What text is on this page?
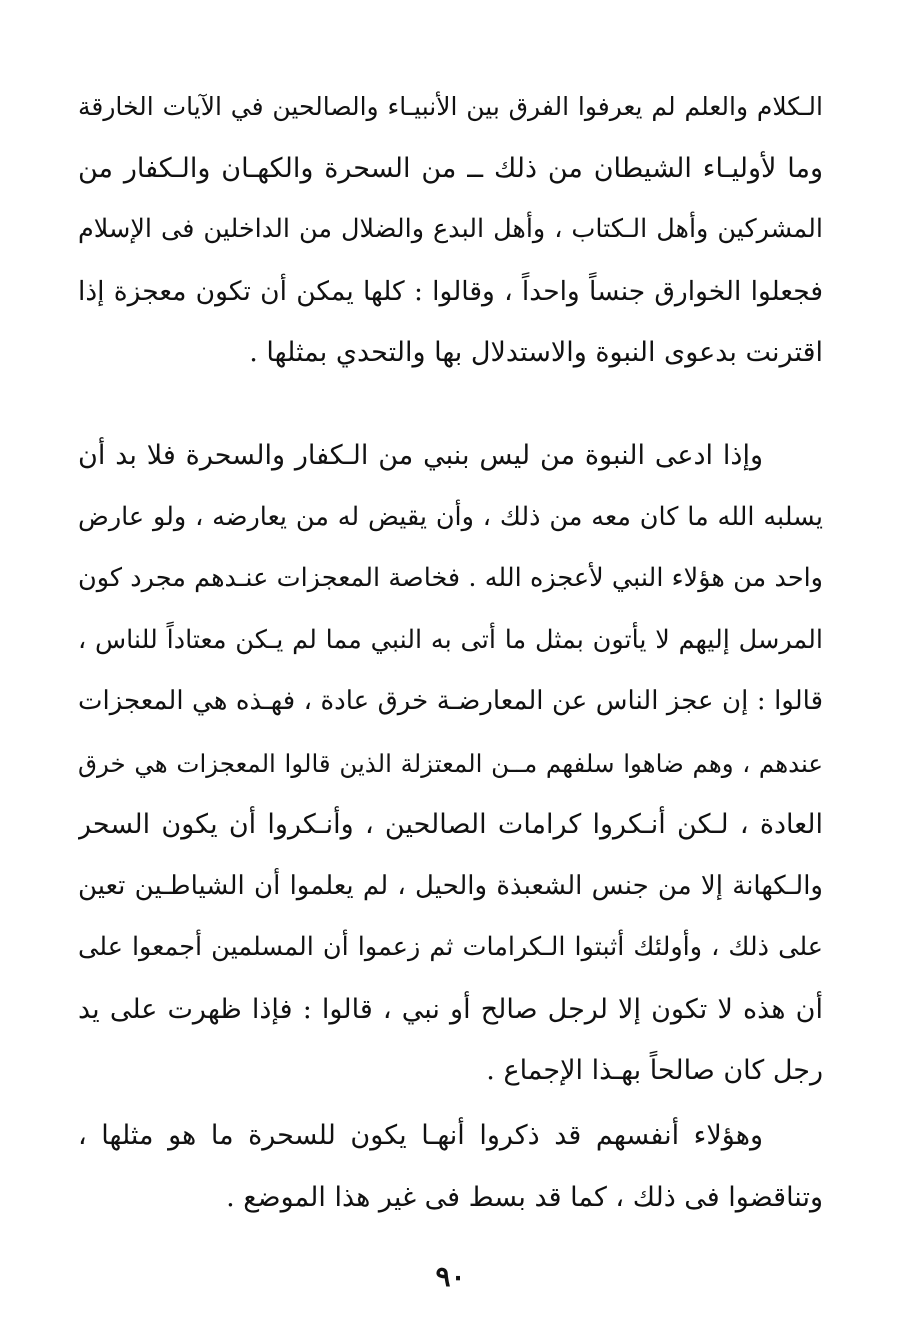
الـكلام والعلم لم يعرفوا الفرق بين الأنبيـاء والصالحين في الآيات الخارقة
وما لأوليـاء الشيطان من ذلك ــ من السحرة والكهـان والـكفار من
المشركين وأهل الـكتاب ، وأهل البدع والضلال من الداخلين فى الإسلام
فجعلوا الخوارق جنساً واحداً ، وقالوا : كلها يمكن أن تكون معجزة إذا
اقترنت بدعوى النبوة والاستدلال بها والتحدي بمثلها .
وإذا ادعى النبوة من ليس بنبي من الـكفار والسحرة فلا بد أن
يسلبه الله ما كان معه من ذلك ، وأن يقيض له من يعارضه ، ولو عارض
واحد من هؤلاء النبي لأعجزه الله . فخاصة المعجزات عنـدهم مجرد كون
المرسل إليهم لا يأتون بمثل ما أتى به النبي مما لم يـكن معتاداً للناس ،
قالوا : إن عجز الناس عن المعارضـة خرق عادة ، فهـذه هي المعجزات
عندهم ، وهم ضاهوا سلفهم مــن المعتزلة الذين قالوا المعجزات هي خرق
العادة ، لـكن أنـكروا كرامات الصالحين ، وأنـكروا أن يكون السحر
والـكهانة إلا من جنس الشعبذة والحيل ، لم يعلموا أن الشياطـين تعين
على ذلك ، وأولئك أثبتوا الـكرامات ثم زعموا أن المسلمين أجمعوا على
أن هذه لا تكون إلا لرجل صالح أو نبي ، قالوا : فإذا ظهرت على يد
رجل كان صالحاً بهـذا الإجماع .
وهؤلاء أنفسهم قد ذكروا أنهـا يكون للسحرة ما هو مثلها ،
وتناقضوا فى ذلك ، كما قد بسط فى غير هذا الموضع .
٩٠
